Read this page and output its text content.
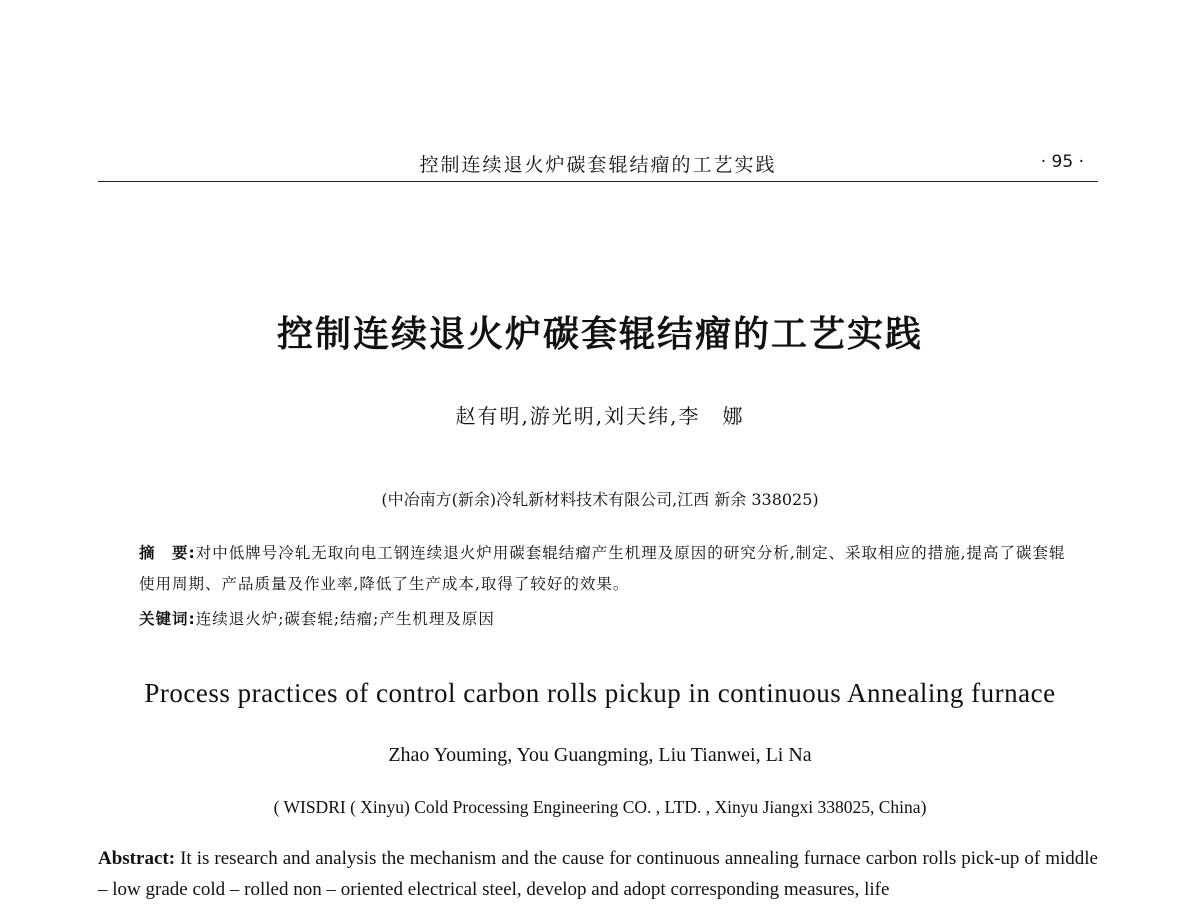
控制连续退火炉碳套辊结瘤的工艺实践	· 95 ·
控制连续退火炉碳套辊结瘤的工艺实践
赵有明,游光明,刘天纬,李　娜
(中冶南方(新余)冷轧新材料技术有限公司,江西 新余 338025)
摘　要:对中低牌号冷轧无取向电工钢连续退火炉用碳套辊结瘤产生机理及原因的研究分析,制定、采取相应的措施,提高了碳套辊使用周期、产品质量及作业率,降低了生产成本,取得了较好的效果。
关键词:连续退火炉;碳套辊;结瘤;产生机理及原因
Process practices of control carbon rolls pickup in continuous Annealing furnace
Zhao Youming, You Guangming, Liu Tianwei, Li Na
( WISDRI ( Xinyu) Cold Processing Engineering CO. , LTD. , Xinyu Jiangxi 338025, China)
Abstract: It is research and analysis the mechanism and the cause for continuous annealing furnace carbon rolls pick-up of middle – low grade cold – rolled non – oriented electrical steel, develop and adopt corresponding measures, life
